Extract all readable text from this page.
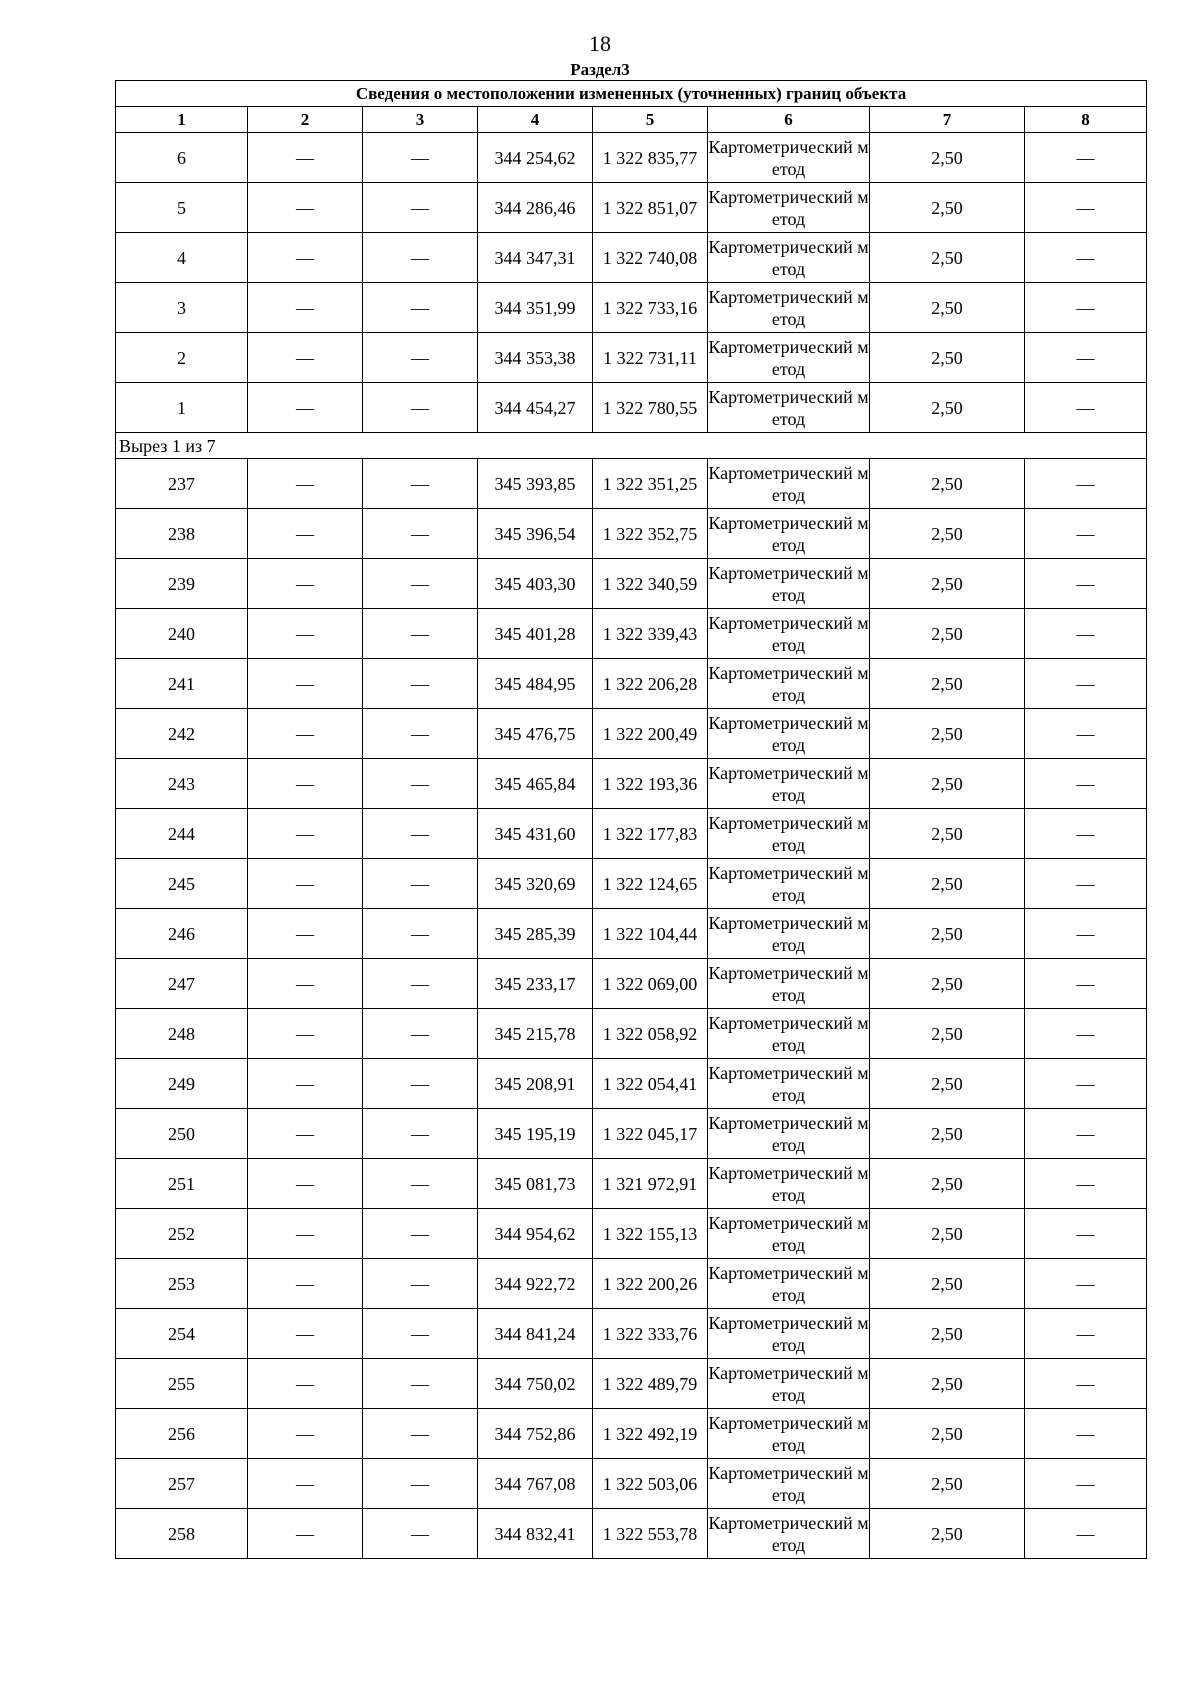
18
Раздел3
Сведения о местоположении измененных (уточненных) границ объекта							
1	2	3	4	5	6	7	8
6	—	—	344 254,62	1 322 835,77	Картометрический метод	2,50	—
5	—	—	344 286,46	1 322 851,07	Картометрический метод	2,50	—
4	—	—	344 347,31	1 322 740,08	Картометрический метод	2,50	—
3	—	—	344 351,99	1 322 733,16	Картометрический метод	2,50	—
2	—	—	344 353,38	1 322 731,11	Картометрический метод	2,50	—
1	—	—	344 454,27	1 322 780,55	Картометрический метод	2,50	—
Вырез 1 из 7							
237	—	—	345 393,85	1 322 351,25	Картометрический метод	2,50	—
238	—	—	345 396,54	1 322 352,75	Картометрический метод	2,50	—
239	—	—	345 403,30	1 322 340,59	Картометрический метод	2,50	—
240	—	—	345 401,28	1 322 339,43	Картометрический метод	2,50	—
241	—	—	345 484,95	1 322 206,28	Картометрический метод	2,50	—
242	—	—	345 476,75	1 322 200,49	Картометрический метод	2,50	—
243	—	—	345 465,84	1 322 193,36	Картометрический метод	2,50	—
244	—	—	345 431,60	1 322 177,83	Картометрический метод	2,50	—
245	—	—	345 320,69	1 322 124,65	Картометрический метод	2,50	—
246	—	—	345 285,39	1 322 104,44	Картометрический метод	2,50	—
247	—	—	345 233,17	1 322 069,00	Картометрический метод	2,50	—
248	—	—	345 215,78	1 322 058,92	Картометрический метод	2,50	—
249	—	—	345 208,91	1 322 054,41	Картометрический метод	2,50	—
250	—	—	345 195,19	1 322 045,17	Картометрический метод	2,50	—
251	—	—	345 081,73	1 321 972,91	Картометрический метод	2,50	—
252	—	—	344 954,62	1 322 155,13	Картометрический метод	2,50	—
253	—	—	344 922,72	1 322 200,26	Картометрический метод	2,50	—
254	—	—	344 841,24	1 322 333,76	Картометрический метод	2,50	—
255	—	—	344 750,02	1 322 489,79	Картометрический метод	2,50	—
256	—	—	344 752,86	1 322 492,19	Картометрический метод	2,50	—
257	—	—	344 767,08	1 322 503,06	Картометрический метод	2,50	—
258	—	—	344 832,41	1 322 553,78	Картометрический метод	2,50	—
